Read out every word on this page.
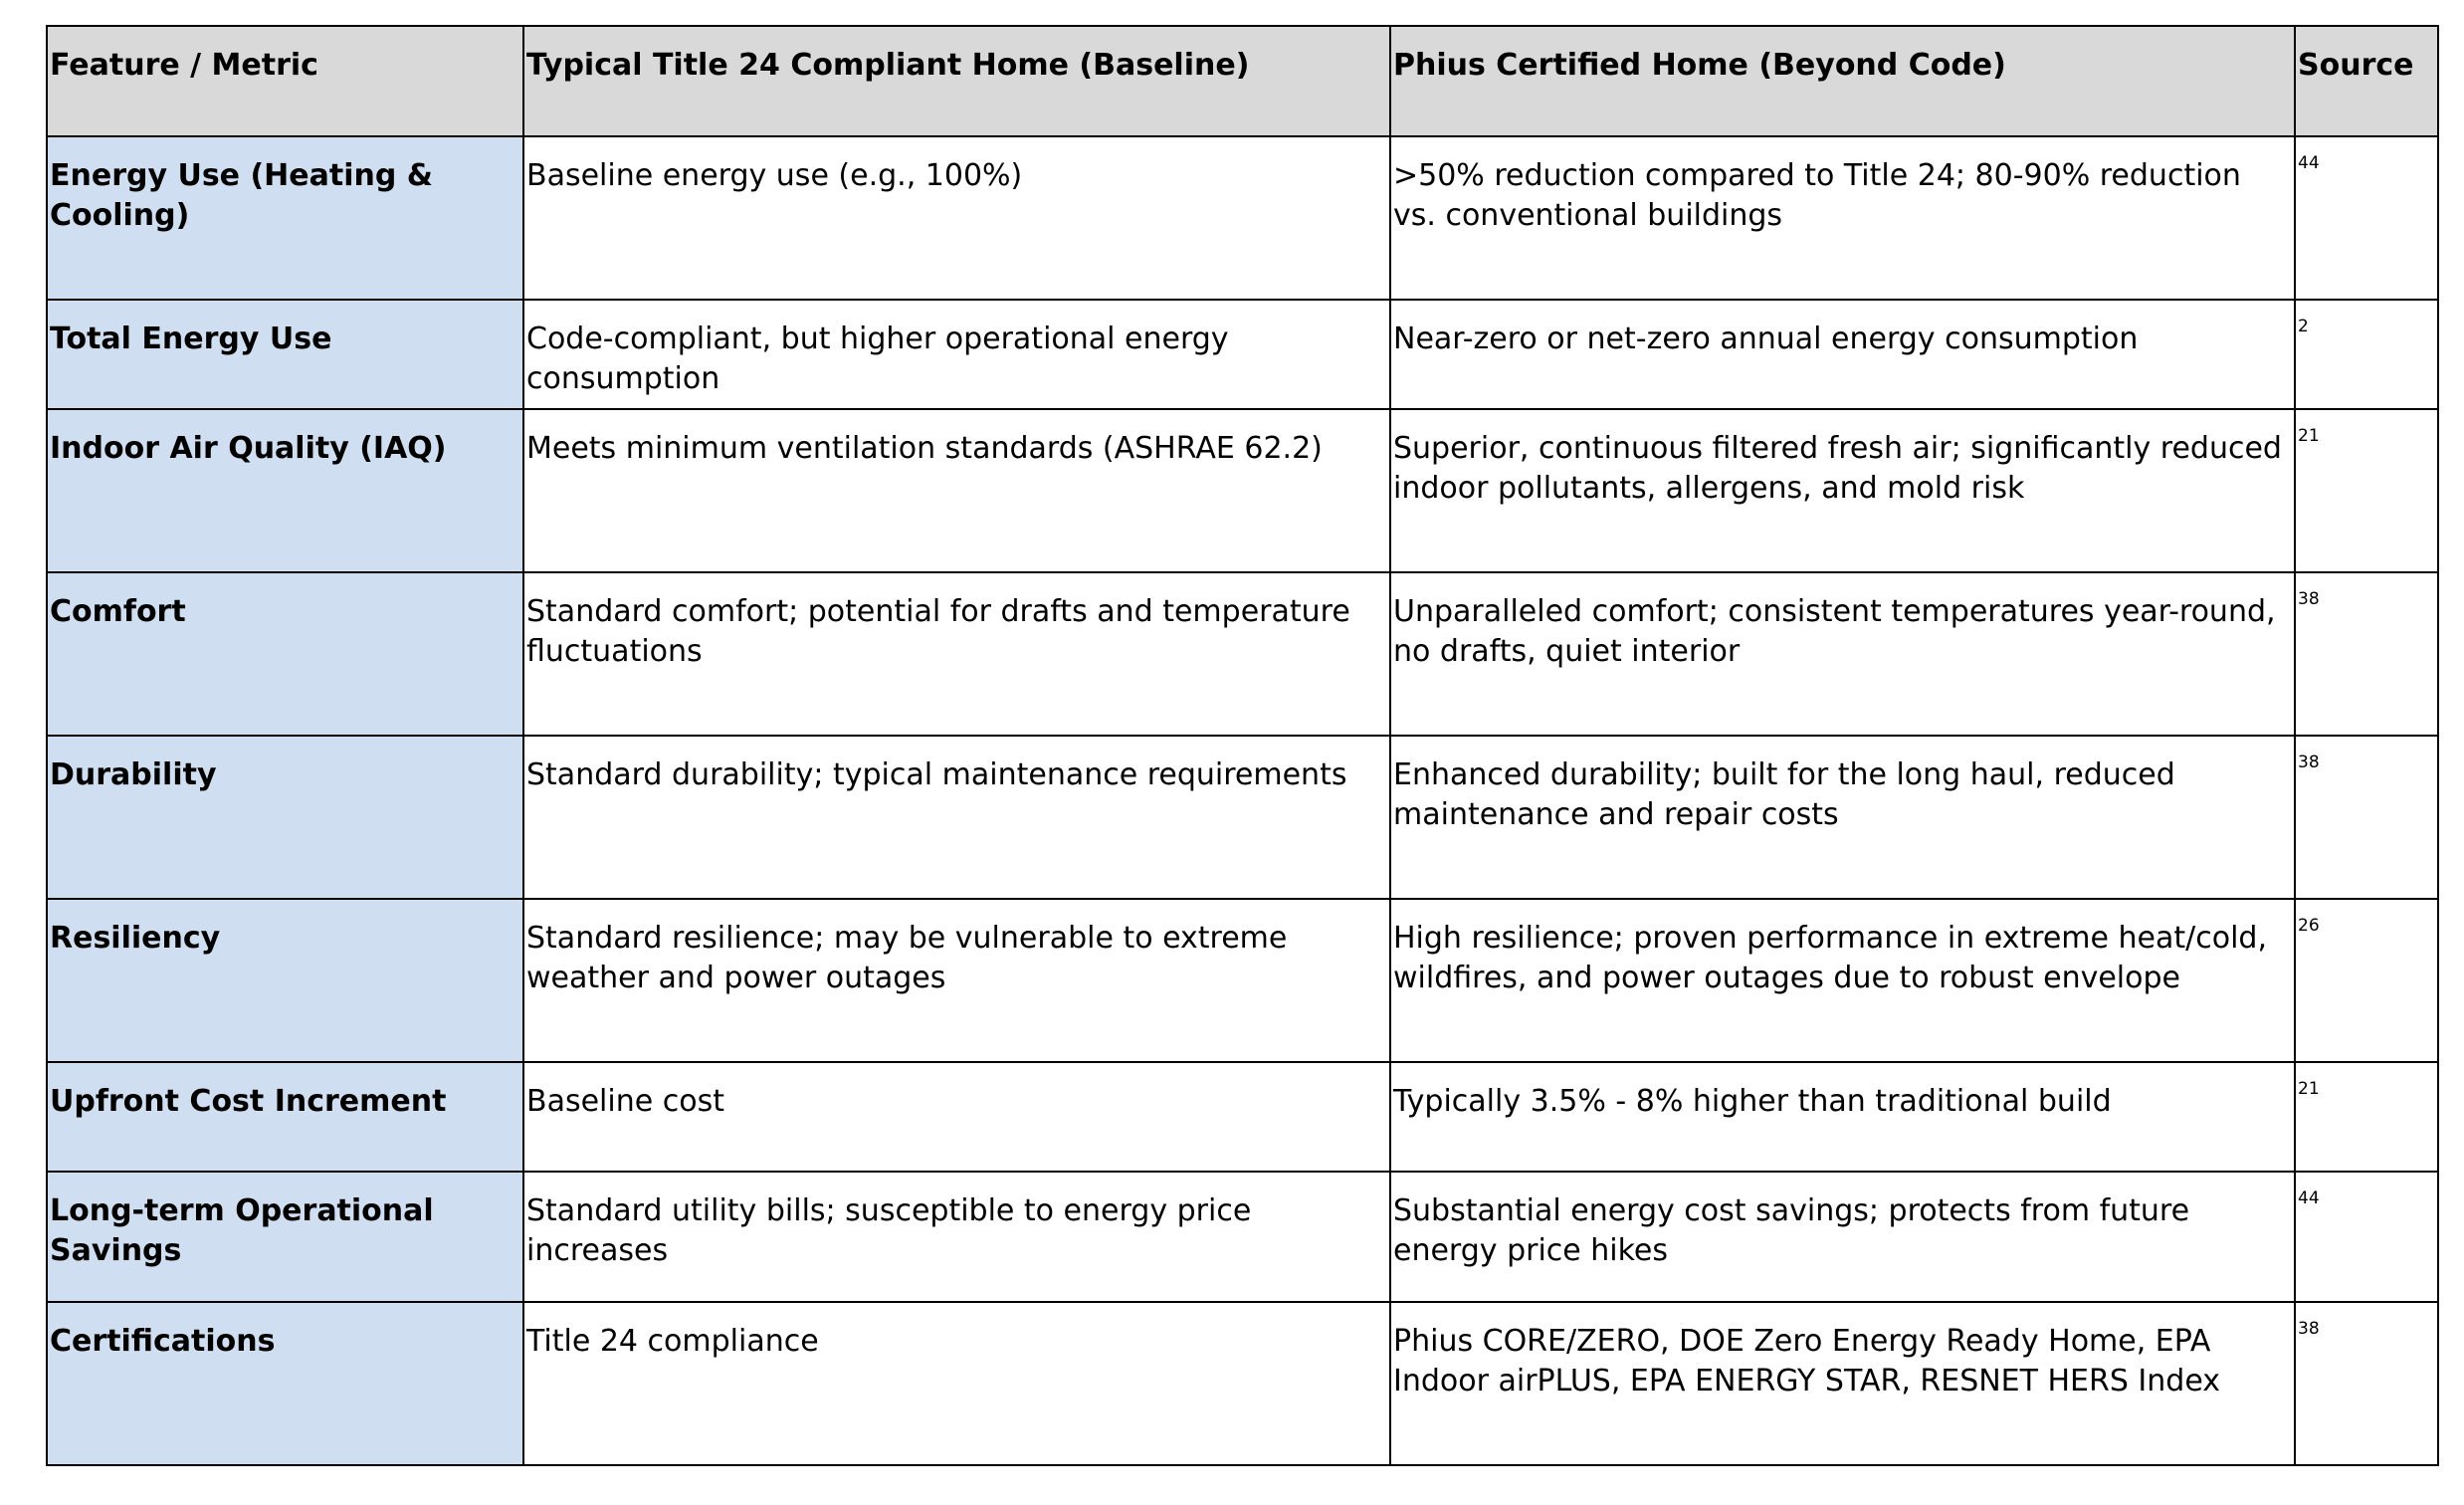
Feature / Metric	Typical Title 24 Compliant Home (Baseline)	Phius Certified Home (Beyond Code)	Source
Energy Use (Heating & Cooling)	Baseline energy use (e.g., 100%)	>50% reduction compared to Title 24; 80-90% reduction vs. conventional buildings	44
Total Energy Use	Code-compliant, but higher operational energy consumption	Near-zero or net-zero annual energy consumption	2
Indoor Air Quality (IAQ)	Meets minimum ventilation standards (ASHRAE 62.2)	Superior, continuous filtered fresh air; significantly reduced indoor pollutants, allergens, and mold risk	21
Comfort	Standard comfort; potential for drafts and temperature fluctuations	Unparalleled comfort; consistent temperatures year-round, no drafts, quiet interior	38
Durability	Standard durability; typical maintenance requirements	Enhanced durability; built for the long haul, reduced maintenance and repair costs	38
Resiliency	Standard resilience; may be vulnerable to extreme weather and power outages	High resilience; proven performance in extreme heat/cold, wildfires, and power outages due to robust envelope	26
Upfront Cost Increment	Baseline cost	Typically 3.5% - 8% higher than traditional build	21
Long-term Operational Savings	Standard utility bills; susceptible to energy price increases	Substantial energy cost savings; protects from future energy price hikes	44
Certifications	Title 24 compliance	Phius CORE/ZERO, DOE Zero Energy Ready Home, EPA Indoor airPLUS, EPA ENERGY STAR, RESNET HERS Index	38
